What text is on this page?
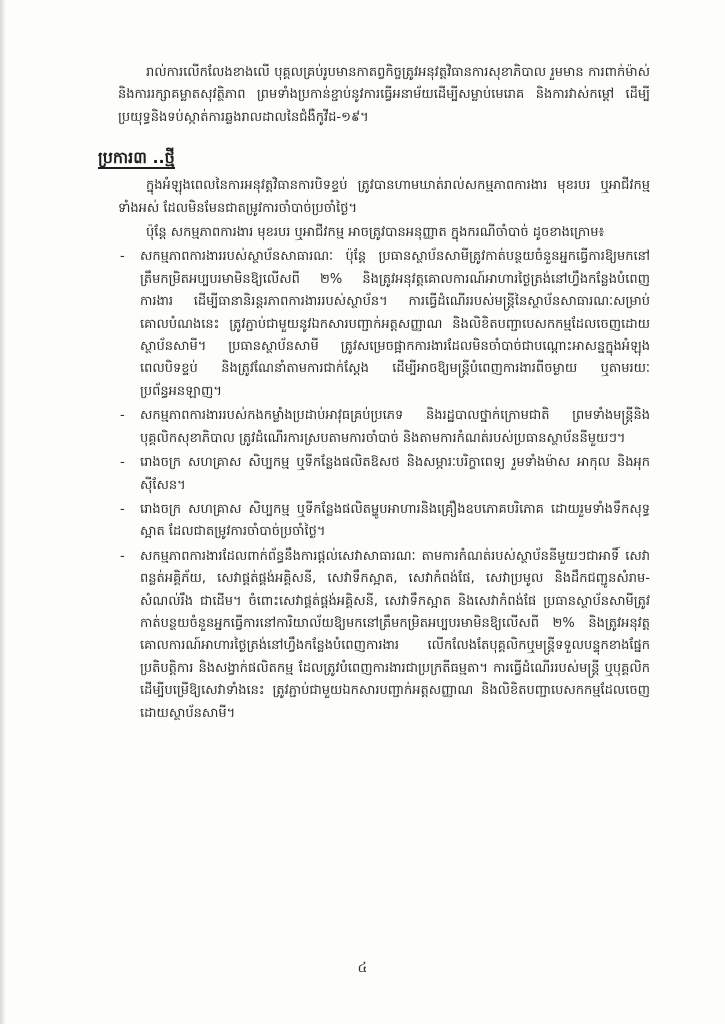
រាល់ការលើកលែងខាងលើ បុគ្គលគ្រប់រូបមានកាតព្វកិច្ចត្រូវអនុវត្តវិធានការសុខាភិបាល រួមមាន ការពាក់ម៉ាស់ និងការរក្សាគម្លាតសុវត្ថិភាព ព្រមទាំងប្រកាន់ខ្ជាប់នូវការធ្វើអនាម័យដើម្បីសម្លាប់មេរោគ និងការវាស់កម្តៅ ដើម្បីប្រយុទ្ធនិងទប់ស្កាត់ការឆ្លងរាលដាលនៃជំងឺកូវីដ-១៩។

ប្រការ៣ ..ថ្មី

ក្នុងអំឡុងពេលនៃការអនុវត្តវិធានការបិទខ្ទប់ ត្រូវបានហាមឃាត់រាល់សកម្មភាពការងារ មុខរបរ ឬអាជីវកម្មទាំងអស់ ដែលមិនមែនជាតម្រូវការចាំបាច់ប្រចាំថ្ងៃ។

ប៉ុន្តែ សកម្មភាពការងារ មុខរបរ ឬអាជីវកម្ម អាចត្រូវបានអនុញ្ញាត ក្នុងករណីចាំបាច់ ដូចខាងក្រោម៖

- សកម្មភាពការងាររបស់ស្ថាប័នសាធារណៈ ប៉ុន្តែ ប្រធានស្ថាប័នសាមីត្រូវកាត់បន្ថយចំនួនអ្នកធ្វើការឱ្យមកនៅត្រឹមកម្រិតអប្បបរមាមិនឱ្យលើសពី ២% និងត្រូវអនុវត្តគោលការណ៍អាហារថ្ងៃត្រង់នៅហ្វឹងកន្លែងបំពេញការងារ ដើម្បីធានានិរន្តរភាពការងាររបស់ស្ថាប័ន។ ការធ្វើដំណើររបស់មន្ត្រីនៃស្ថាប័នសាធារណៈសម្រាប់គោលបំណងនេះ ត្រូវភ្ជាប់ជាមួយនូវឯកសារបញ្ជាក់អត្តសញ្ញាណ និងលិខិតបញ្ជាបេសកកម្មដែលចេញដោយស្ថាប័នសាមី។ ប្រធានស្ថាប័នសាមី ត្រូវសម្រេចផ្អាកការងារដែលមិនចាំបាច់ជាបណ្តោះអាសន្នក្នុងអំឡុងពេលបិទខ្ទប់ និងត្រូវណែនាំតាមការជាក់ស្តែង ដើម្បីអាចឱ្យមន្ត្រីបំពេញការងារពីចម្ងាយ ឬតាមរយៈប្រព័ន្ធអនឡាញ។
- សកម្មភាពការងាររបស់កងកម្លាំងប្រដាប់អាវុធគ្រប់ប្រភេទ និងរដ្ឋបាលថ្នាក់ក្រោមជាតិ ព្រមទាំងមន្ត្រីនិងបុគ្គលិកសុខាភិបាល ត្រូវដំណើរការស្របតាមការចាំបាច់ និងតាមការកំណត់របស់ប្រធានស្ថាប័ននីមួយៗ។
- រោងចក្រ សហគ្រាស សិប្បកម្ម ឬទីកន្លែងផលិតឱសថ និងសម្ភារៈបរិក្ខាពេទ្យ រួមទាំងម៉ាស អាកុល និងអុកស៊ីសែន។
- រោងចក្រ សហគ្រាស សិប្បកម្ម ឬទីកន្លែងផលិតម្ហូបអាហារនិងគ្រឿងឧបភោគបរិភោគ ដោយរួមទាំងទឹកសុទ្ធស្អាត ដែលជាតម្រូវការចាំបាច់ប្រចាំថ្ងៃ។
- សកម្មភាពការងារដែលពាក់ព័ន្ធនឹងការផ្តល់សេវាសាធារណៈ តាមការកំណត់របស់ស្ថាប័ននីមួយៗជាអាទិ៍ សេវាពន្លត់អគ្គិភ័យ, សេវាផ្គត់ផ្គង់អគ្គិសនី, សេវាទឹកស្អាត, សេវាកំពង់ផែ, សេវាប្រមូល និងដឹកជញ្ជូនសំរាម-សំណល់រឹង ជាដើម។ ចំពោះសេវាផ្គត់ផ្គង់អគ្គិសនី, សេវាទឹកស្អាត និងសេវាកំពង់ផែ ប្រធានស្ថាប័នសាមីត្រូវកាត់បន្ថយចំនួនអ្នកធ្វើការនៅការិយាល័យឱ្យមកនៅត្រឹមកម្រិតអប្បបរមាមិនឱ្យលើសពី ២% និងត្រូវអនុវត្តគោលការណ៍អាហារថ្ងៃត្រង់នៅហ្វឹងកន្លែងបំពេញការងារ លើកលែងតែបុគ្គលិកឬមន្ត្រីទទួលបន្ទុកខាងផ្នែកប្រតិបត្តិការ និងសង្វាក់ផលិតកម្ម ដែលត្រូវបំពេញការងារជាប្រក្រតីធម្មតា។ ការធ្វើដំណើររបស់មន្ត្រី ឬបុគ្គលិកដើម្បីបម្រើឱ្យសេវាទាំងនេះ ត្រូវភ្ជាប់ជាមួយឯកសារបញ្ជាក់អត្តសញ្ញាណ និងលិខិតបញ្ជាបេសកកម្មដែលចេញដោយស្ថាប័នសាមី។
៤
